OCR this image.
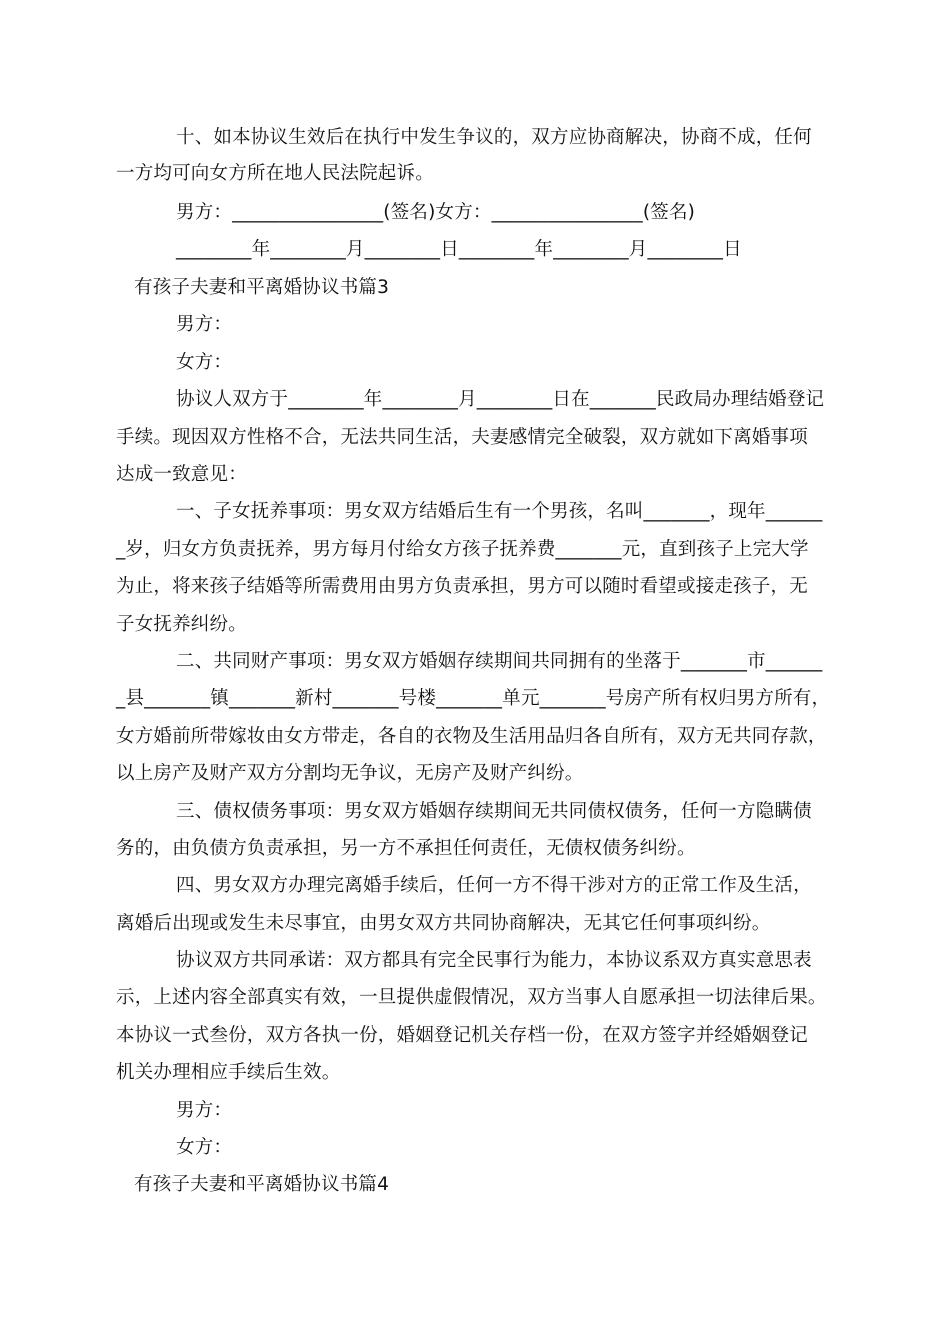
十、如本协议生效后在执行中发生争议的，双方应协商解决，协商不成，任何
一方均可向女方所在地人民法院起诉。
男方：________________(签名)女方：________________(签名)
________年________月________日________年________月________日
有孩子夫妻和平离婚协议书篇3
男方：
女方：
协议人双方于________年________月________日在_______民政局办理结婚登记
手续。现因双方性格不合，无法共同生活，夫妻感情完全破裂，双方就如下离婚事项
达成一致意见：
一、子女抚养事项：男女双方结婚后生有一个男孩，名叫_______，现年______
_岁，归女方负责抚养，男方每月付给女方孩子抚养费_______元，直到孩子上完大学
为止，将来孩子结婚等所需费用由男方负责承担，男方可以随时看望或接走孩子，无
子女抚养纠纷。
二、共同财产事项：男女双方婚姻存续期间共同拥有的坐落于_______市______
_县_______镇_______新村_______号楼_______单元_______号房产所有权归男方所有，
女方婚前所带嫁妆由女方带走，各自的衣物及生活用品归各自所有，双方无共同存款，
以上房产及财产双方分割均无争议，无房产及财产纠纷。
三、债权债务事项：男女双方婚姻存续期间无共同债权债务，任何一方隐瞒债
务的，由负债方负责承担，另一方不承担任何责任，无债权债务纠纷。
四、男女双方办理完离婚手续后，任何一方不得干涉对方的正常工作及生活，
离婚后出现或发生未尽事宜，由男女双方共同协商解决，无其它任何事项纠纷。
协议双方共同承诺：双方都具有完全民事行为能力，本协议系双方真实意思表
示，上述内容全部真实有效，一旦提供虚假情况，双方当事人自愿承担一切法律后果。
本协议一式叁份，双方各执一份，婚姻登记机关存档一份，在双方签字并经婚姻登记
机关办理相应手续后生效。
男方：
女方：
有孩子夫妻和平离婚协议书篇4
